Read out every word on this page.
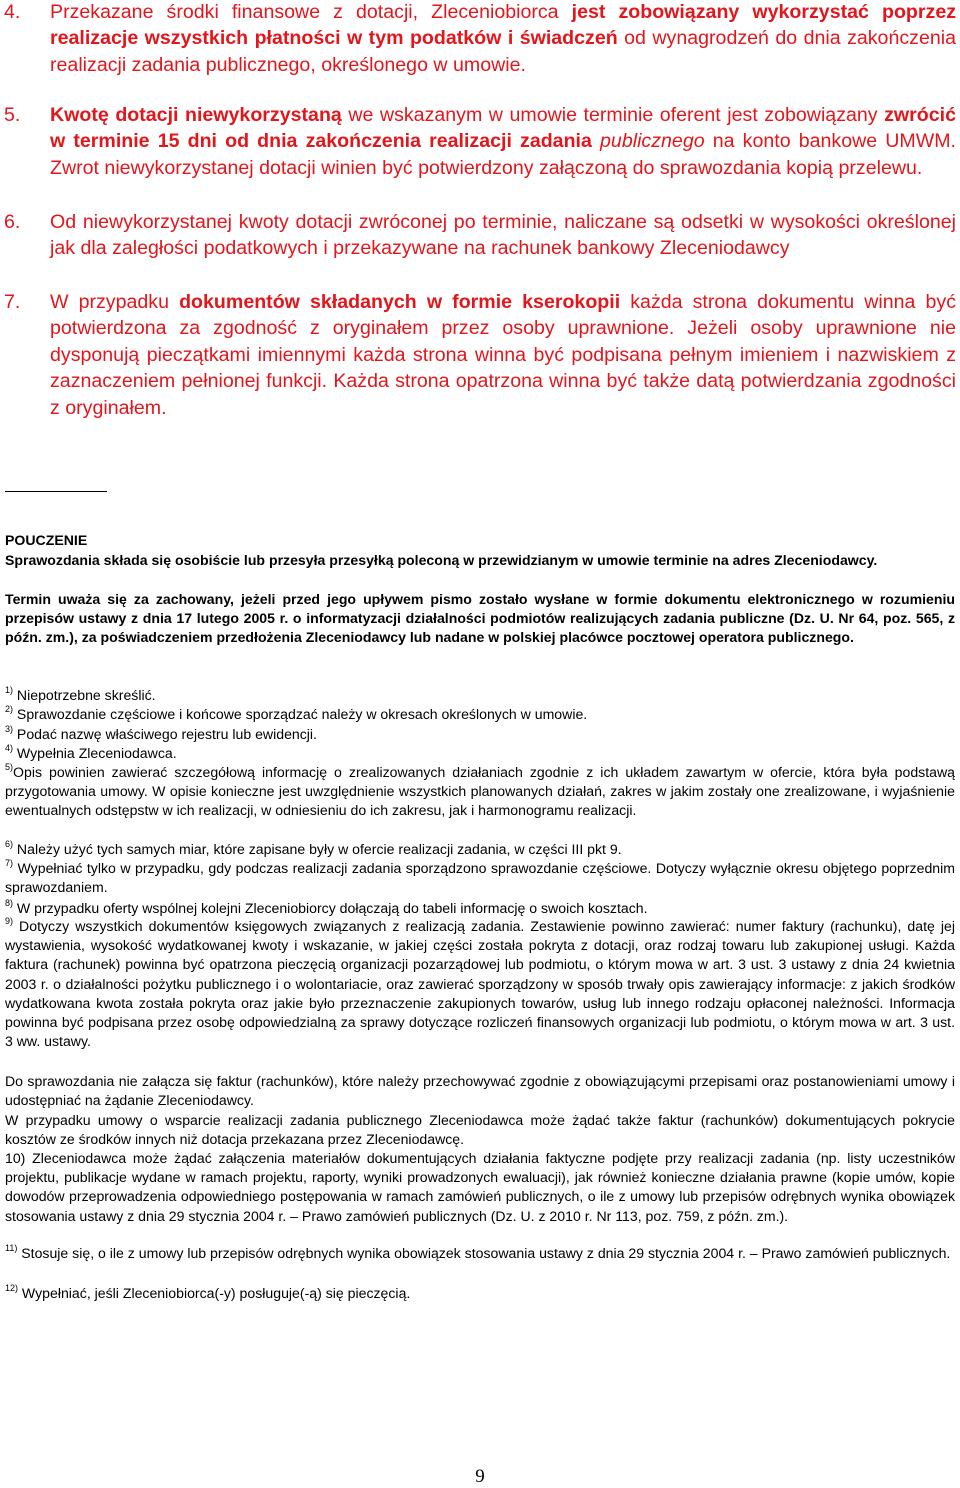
4. Przekazane środki finansowe z dotacji, Zleceniobiorca jest zobowiązany wykorzystać poprzez realizacje wszystkich płatności w tym podatków i świadczeń od wynagrodzeń do dnia zakończenia realizacji zadania publicznego, określonego w umowie.
5. Kwotę dotacji niewykorzystaną we wskazanym w umowie terminie oferent jest zobowiązany zwrócić w terminie 15 dni od dnia zakończenia realizacji zadania publicznego na konto bankowe UMWM. Zwrot niewykorzystanej dotacji winien być potwierdzony załączoną do sprawozdania kopią przelewu.
6. Od niewykorzystanej kwoty dotacji zwróconej po terminie, naliczane są odsetki w wysokości określonej jak dla zaległości podatkowych i przekazywane na rachunek bankowy Zleceniodawcy
7. W przypadku dokumentów składanych w formie kserokopii każda strona dokumentu winna być potwierdzona za zgodność z oryginałem przez osoby uprawnione. Jeżeli osoby uprawnione nie dysponują pieczątkami imiennymi każda strona winna być podpisana pełnym imieniem i nazwiskiem z zaznaczeniem pełnionej funkcji. Każda strona opatrzona winna być także datą potwierdzania zgodności z oryginałem.
POUCZENIE
Sprawozdania składa się osobiście lub przesyła przesyłką poleconą w przewidzianym w umowie terminie na adres Zleceniodawcy.
Termin uważa się za zachowany, jeżeli przed jego upływem pismo zostało wysłane w formie dokumentu elektronicznego w rozumieniu przepisów ustawy z dnia 17 lutego 2005 r. o informatyzacji działalności podmiotów realizujących zadania publiczne (Dz. U. Nr 64, poz. 565, z późn. zm.), za poświadczeniem przedłożenia Zleceniodawcy lub nadane w polskiej placówce pocztowej operatora publicznego.
$^{1)}$ Niepotrzebne skreślić.
$^{2)}$ Sprawozdanie częściowe i końcowe sporządzać należy w okresach określonych w umowie.
$^{3)}$ Podać nazwę właściwego rejestru lub ewidencji.
$^{4)}$ Wypełnia Zleceniodawca.
$^{5)}$Opis powinien zawierać szczegółową informację o zrealizowanych działaniach zgodnie z ich układem zawartym w ofercie, która była podstawą przygotowania umowy. W opisie konieczne jest uwzględnienie wszystkich planowanych działań, zakres w jakim zostały one zrealizowane, i wyjaśnienie ewentualnych odstępstw w ich realizacji, w odniesieniu do ich zakresu, jak i harmonogramu realizacji.
$^{6)}$ Należy użyć tych samych miar, które zapisane były w ofercie realizacji zadania, w części III pkt 9.
$^{7)}$ Wypełniać tylko w przypadku, gdy podczas realizacji zadania sporządzono sprawozdanie częściowe. Dotyczy wyłącznie okresu objętego poprzednim sprawozdaniem.
$^{8)}$ W przypadku oferty wspólnej kolejni Zleceniobiorcy dołączają do tabeli informację o swoich kosztach.
$^{9)}$ Dotyczy wszystkich dokumentów księgowych związanych z realizacją zadania. Zestawienie powinno zawierać: numer faktury (rachunku), datę jej wystawienia, wysokość wydatkowanej kwoty i wskazanie, w jakiej części została pokryta z dotacji, oraz rodzaj towaru lub zakupionej usługi. Każda faktura (rachunek) powinna być opatrzona pieczęcią organizacji pozarządowej lub podmiotu, o którym mowa w art. 3 ust. 3 ustawy z dnia 24 kwietnia 2003 r. o działalności pożytku publicznego i o wolontariacie, oraz zawierać sporządzony w sposób trwały opis zawierający informacje: z jakich środków wydatkowana kwota została pokryta oraz jakie było przeznaczenie zakupionych towarów, usług lub innego rodzaju opłaconej należności. Informacja powinna być podpisana przez osobę odpowiedzialną za sprawy dotyczące rozliczeń finansowych organizacji lub podmiotu, o którym mowa w art. 3 ust. 3 ww. ustawy.
Do sprawozdania nie załącza się faktur (rachunków), które należy przechowywać zgodnie z obowiązującymi przepisami oraz postanowieniami umowy i udostępniać na żądanie Zleceniodawcy.
W przypadku umowy o wsparcie realizacji zadania publicznego Zleceniodawca może żądać także faktur (rachunków) dokumentujących pokrycie kosztów ze środków innych niż dotacja przekazana przez Zleceniodawcę.
10) Zleceniodawca może żądać załączenia materiałów dokumentujących działania faktyczne podjęte przy realizacji zadania (np. listy uczestników projektu, publikacje wydane w ramach projektu, raporty, wyniki prowadzonych ewaluacji), jak również konieczne działania prawne (kopie umów, kopie dowodów przeprowadzenia odpowiedniego postępowania w ramach zamówień publicznych, o ile z umowy lub przepisów odrębnych wynika obowiązek stosowania ustawy z dnia 29 stycznia 2004 r. – Prawo zamówień publicznych (Dz. U. z 2010 r. Nr 113, poz. 759, z późn. zm.).
$^{11)}$ Stosuje się, o ile z umowy lub przepisów odrębnych wynika obowiązek stosowania ustawy z dnia 29 stycznia 2004 r. – Prawo zamówień publicznych.
$^{12)}$ Wypełniać, jeśli Zleceniobiorca(-y) posługuje(-ą) się pieczęcią.
9
